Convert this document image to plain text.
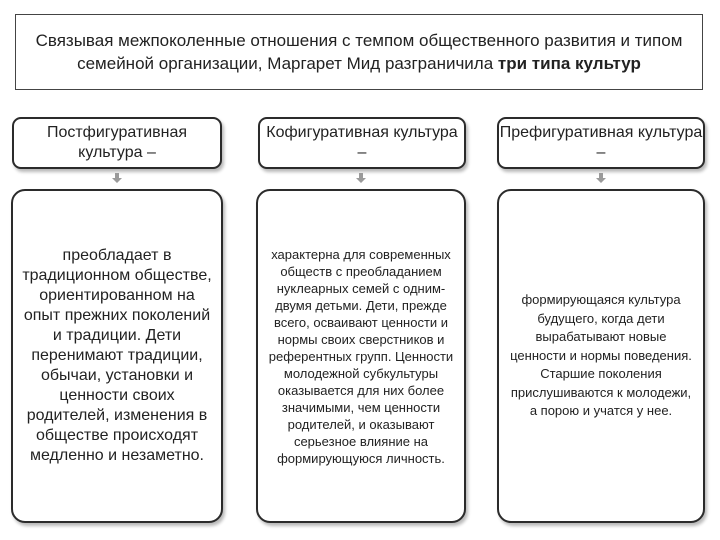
Связывая межпоколенные отношения с темпом общественного развития и типом семейной организации, Маргарет Мид разграничила три типа культур
Постфигуративная культура –
Кофигуративная культура –
Префигуративная культура –
преобладает в традиционном обществе, ориентированном на опыт прежних поколений и традиции. Дети перенимают традиции, обычаи, установки и ценности своих родителей, изменения в обществе происходят медленно и незаметно.
характерна для современных обществ с преобладанием нуклеарных семей с одним-двумя детьми. Дети, прежде всего, осваивают ценности и нормы своих сверстников и референтных групп. Ценности молодежной субкультуры оказывается для них более значимыми, чем ценности родителей, и оказывают серьезное влияние на формирующуюся личность.
формирующаяся культура будущего, когда дети вырабатывают новые ценности и нормы поведения. Старшие поколения прислушиваются к молодежи, а порою и учатся у нее.
